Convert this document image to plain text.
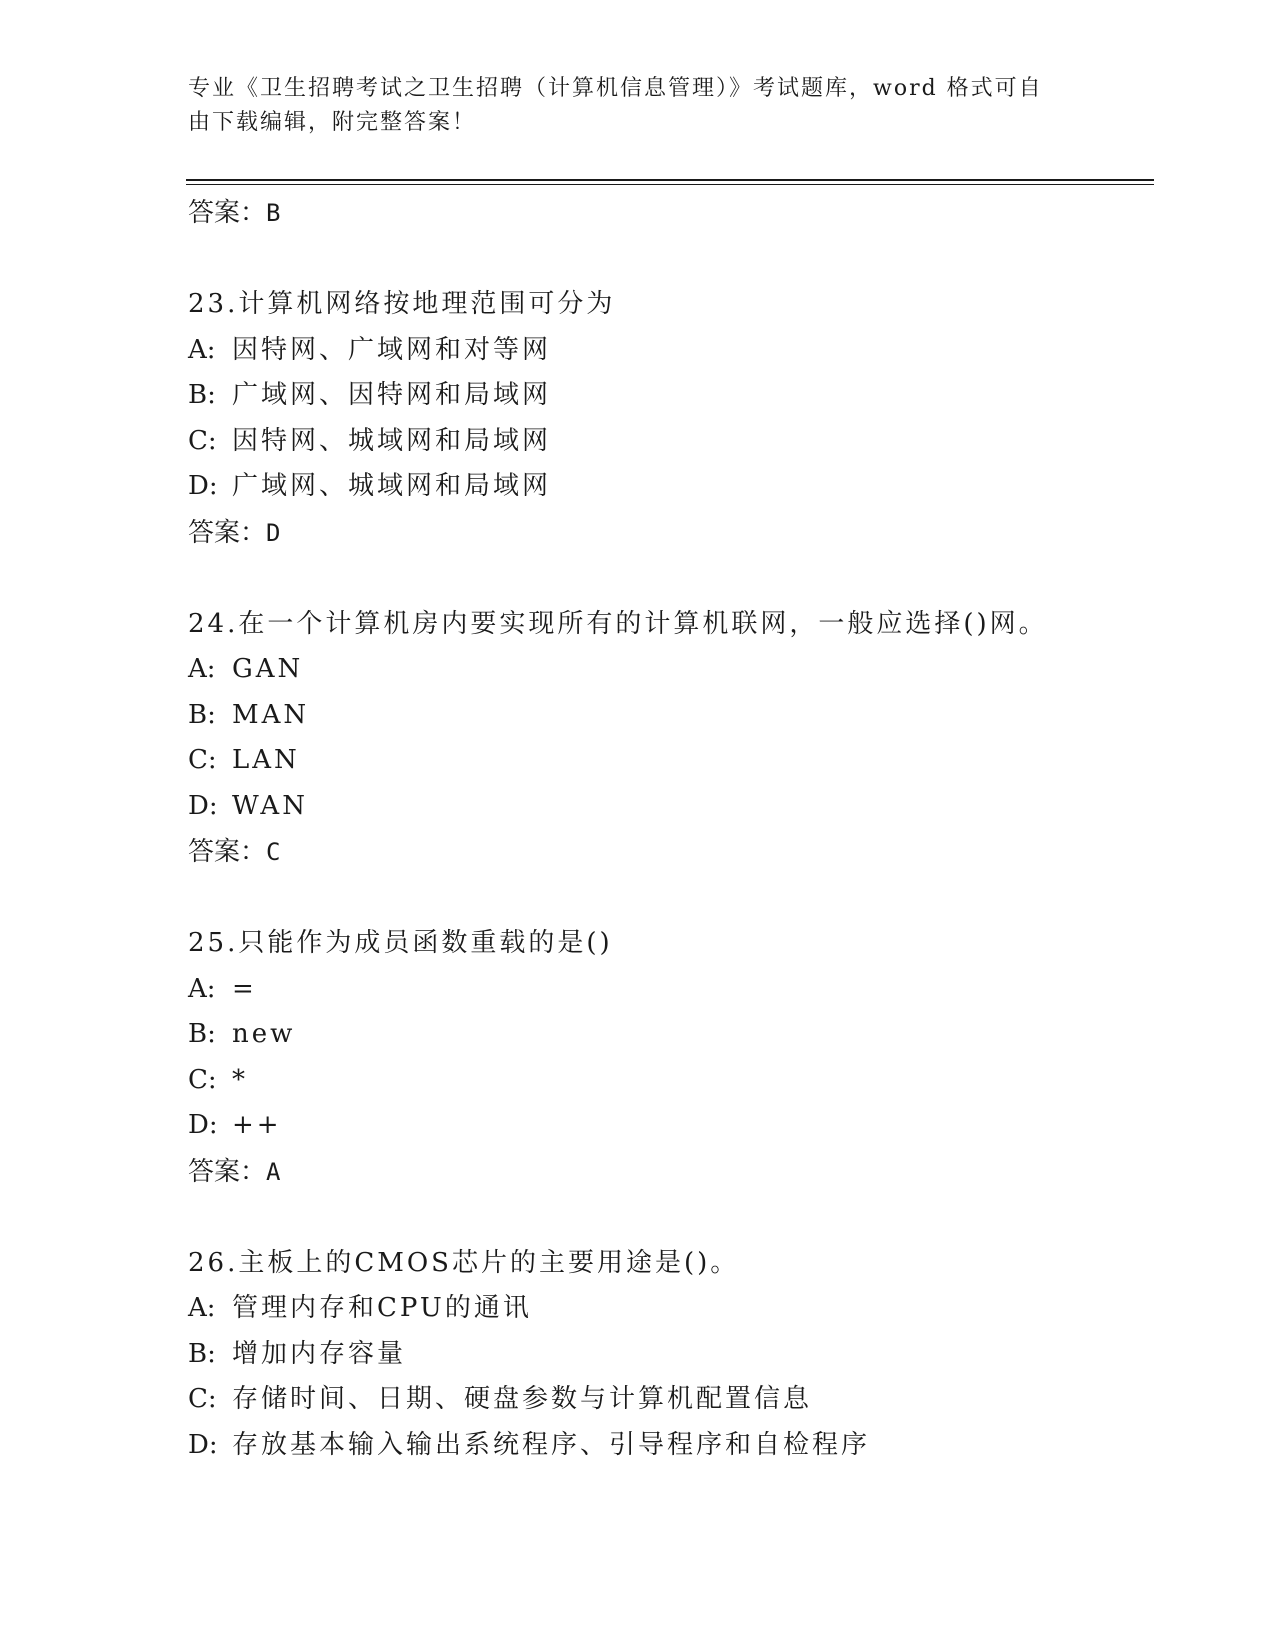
专业《卫生招聘考试之卫生招聘（计算机信息管理）》考试题库，word 格式可自
由下载编辑，附完整答案！
答案：B
23.计算机网络按地理范围可分为
A: 因特网、广域网和对等网
B: 广域网、因特网和局域网
C: 因特网、城域网和局域网
D: 广域网、城域网和局域网
答案：D
24.在一个计算机房内要实现所有的计算机联网，一般应选择()网。
A: GAN
B: MAN
C: LAN
D: WAN
答案：C
25.只能作为成员函数重载的是()
A: =
B: new
C: *
D: ++
答案：A
26.主板上的CMOS芯片的主要用途是()。
A: 管理内存和CPU的通讯
B: 增加内存容量
C: 存储时间、日期、硬盘参数与计算机配置信息
D: 存放基本输入输出系统程序、引导程序和自检程序
